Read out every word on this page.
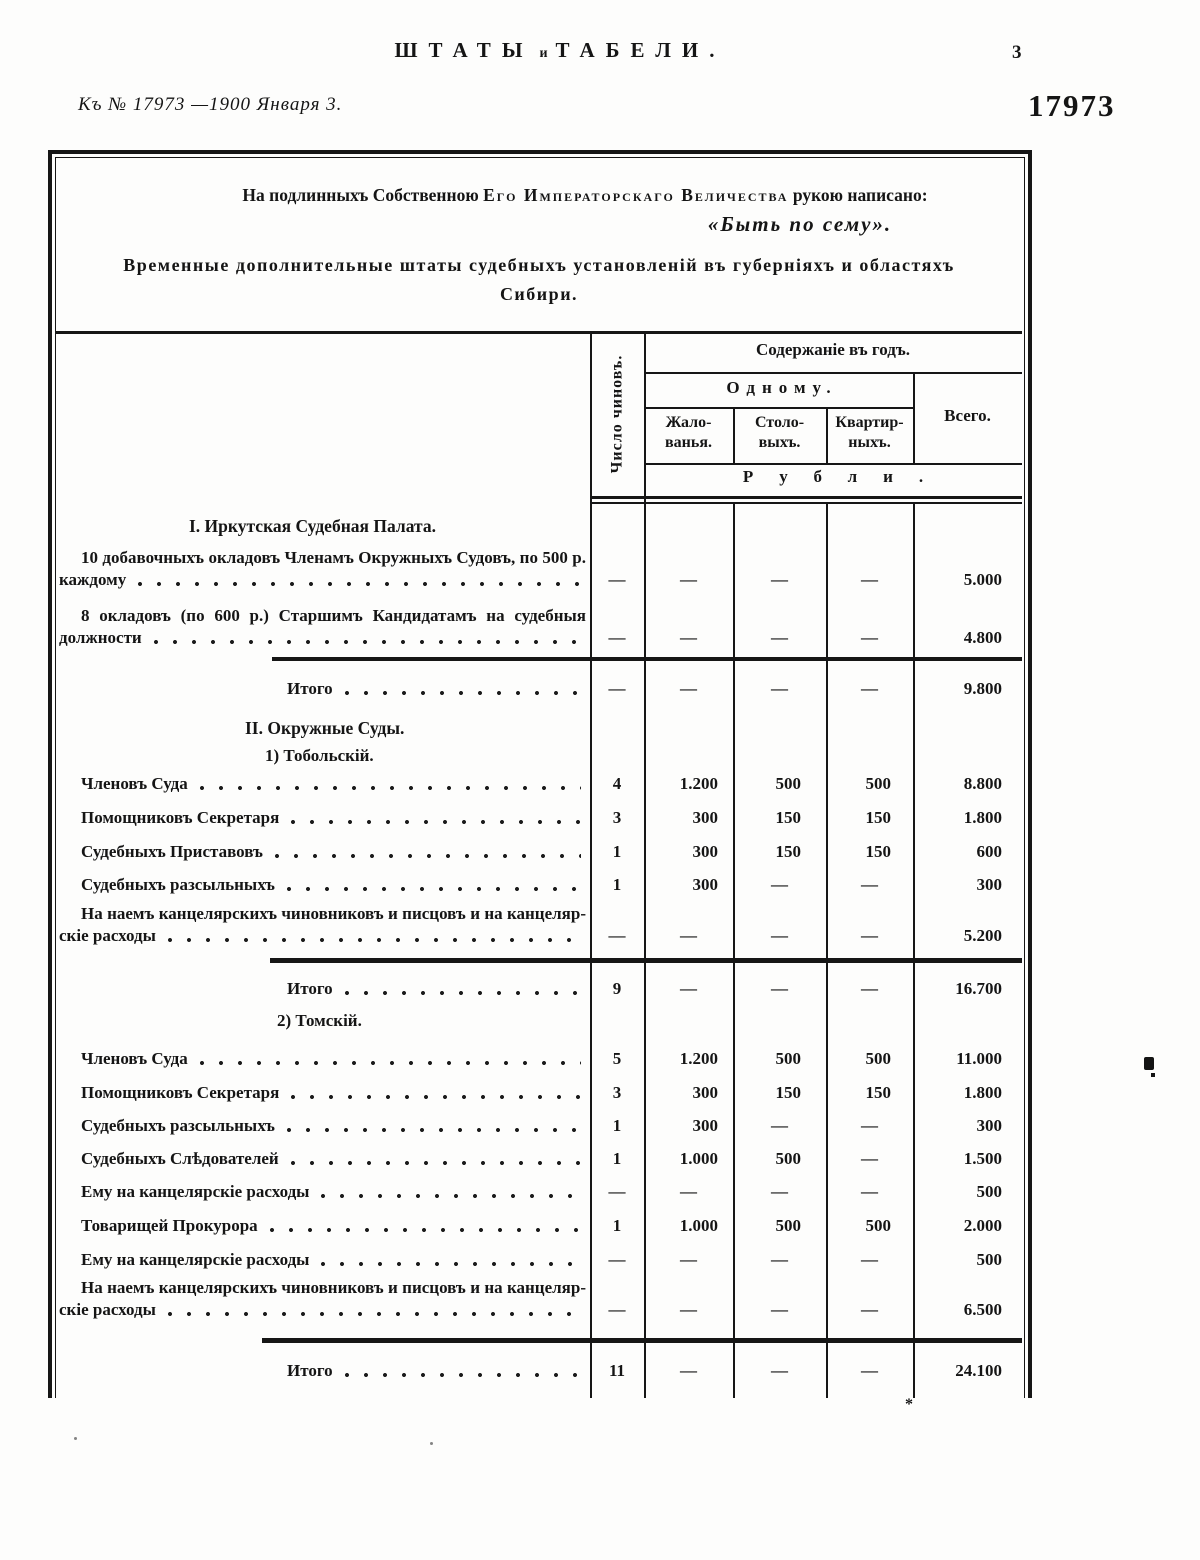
ШТАТЫ и ТАБЕЛИ.	3
Къ № 17973 —1900 Января 3.	17973
На подлинныхъ Собственною Его Императорскаго Величества рукою написано:
«Быть по сему».
Временные дополнительные штаты судебныхъ установленій въ губерніяхъ и областяхъ
Сибири.
Число чиновъ.
Содержаніе въ годъ.
Одному.
Жало-
ванья.
Столо-
выхъ.
Квартир-
ныхъ.
Всего.
Рубли.
I. Иркутская Судебная Палата.
10 добавочныхъ окладовъ Членамъ Окружныхъ Судовъ, по 500 р.
каждому	—	—	—	—	5.000
8 окладовъ (по 600 р.) Старшимъ Кандидатамъ на судебныя
должности	—	—	—	—	4.800
Итого	—	—	—	—	9.800
II. Окружные Суды.
1) Тобольскій.
Членовъ Суда	4	1.200	500	500	8.800
Помощниковъ Секретаря	3	300	150	150	1.800
Судебныхъ Приставовъ	1	300	150	150	600
Судебныхъ разсыльныхъ	1	300	—	—	300
На наемъ канцелярскихъ чиновниковъ и писцовъ и на канцеляр-
скіе расходы	—	—	—	—	5.200
Итого	9	—	—	—	16.700
2) Томскій.
Членовъ Суда	5	1.200	500	500	11.000
Помощниковъ Секретаря	3	300	150	150	1.800
Судебныхъ разсыльныхъ	1	300	—	—	300
Судебныхъ Слѣдователей	1	1.000	500	—	1.500
Ему на канцелярскіе расходы	—	—	—	—	500
Товарищей Прокурора	1	1.000	500	500	2.000
Ему на канцелярскіе расходы	—	—	—	—	500
На наемъ канцелярскихъ чиновниковъ и писцовъ и на канцеляр-
скіе расходы	—	—	—	—	6.500
Итого	11	—	—	—	24.100
*
